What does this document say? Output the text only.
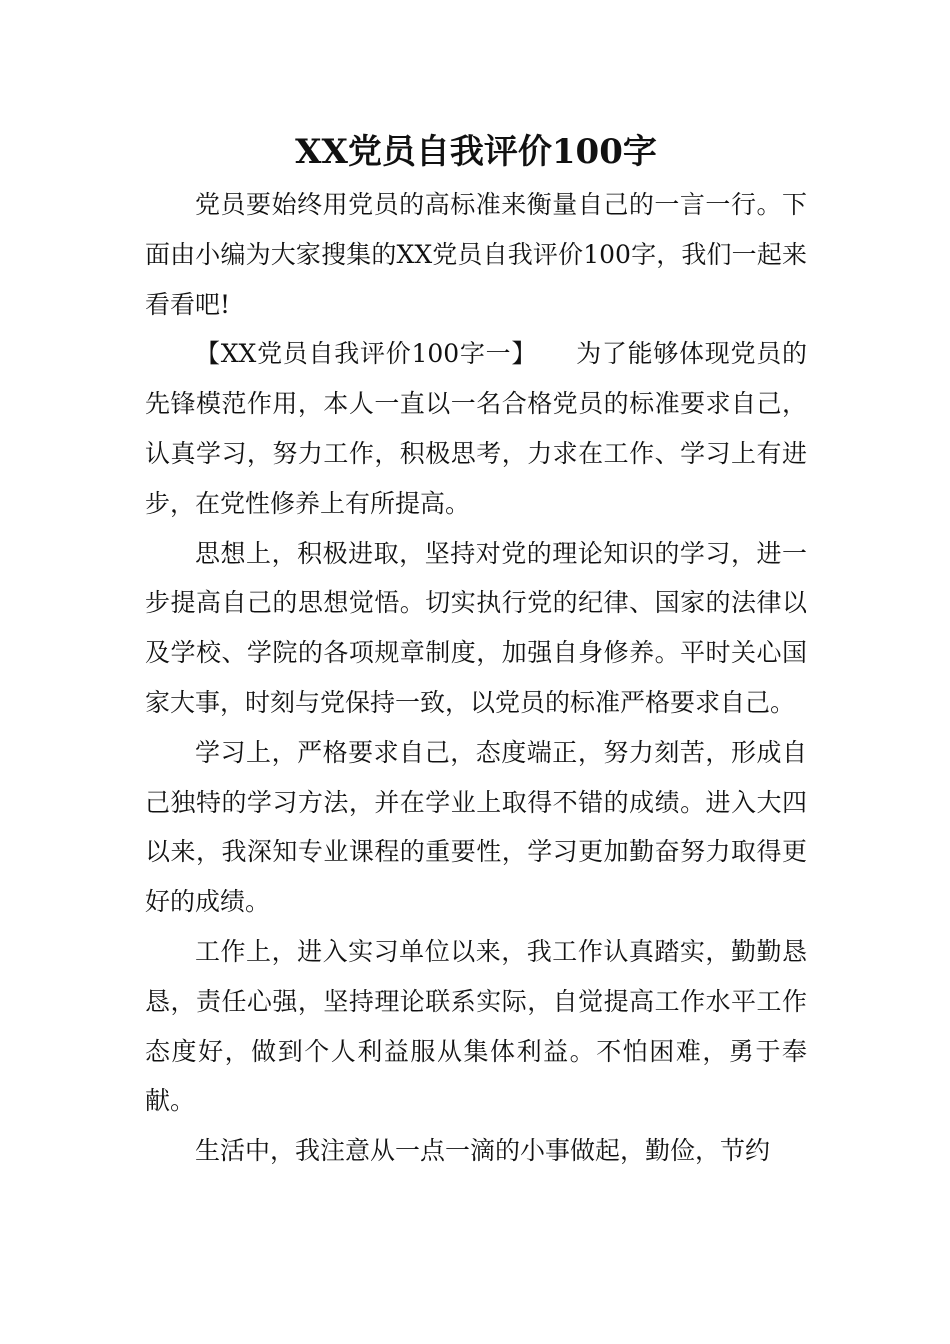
XX党员自我评价100字

党员要始终用党员的高标准来衡量自己的一言一行。下面由小编为大家搜集的XX党员自我评价100字，我们一起来看看吧!

【XX党员自我评价100字一】　　为了能够体现党员的先锋模范作用，本人一直以一名合格党员的标准要求自己，认真学习，努力工作，积极思考，力求在工作、学习上有进步，在党性修养上有所提高。

思想上，积极进取，坚持对党的理论知识的学习，进一步提高自己的思想觉悟。切实执行党的纪律、国家的法律以及学校、学院的各项规章制度，加强自身修养。平时关心国家大事，时刻与党保持一致，以党员的标准严格要求自己。

学习上，严格要求自己，态度端正，努力刻苦，形成自己独特的学习方法，并在学业上取得不错的成绩。进入大四以来，我深知专业课程的重要性，学习更加勤奋努力取得更好的成绩。

工作上，进入实习单位以来，我工作认真踏实，勤勤恳恳，责任心强，坚持理论联系实际，自觉提高工作水平工作态度好，做到个人利益服从集体利益。不怕困难，勇于奉献。

生活中，我注意从一点一滴的小事做起，勤俭，节约
